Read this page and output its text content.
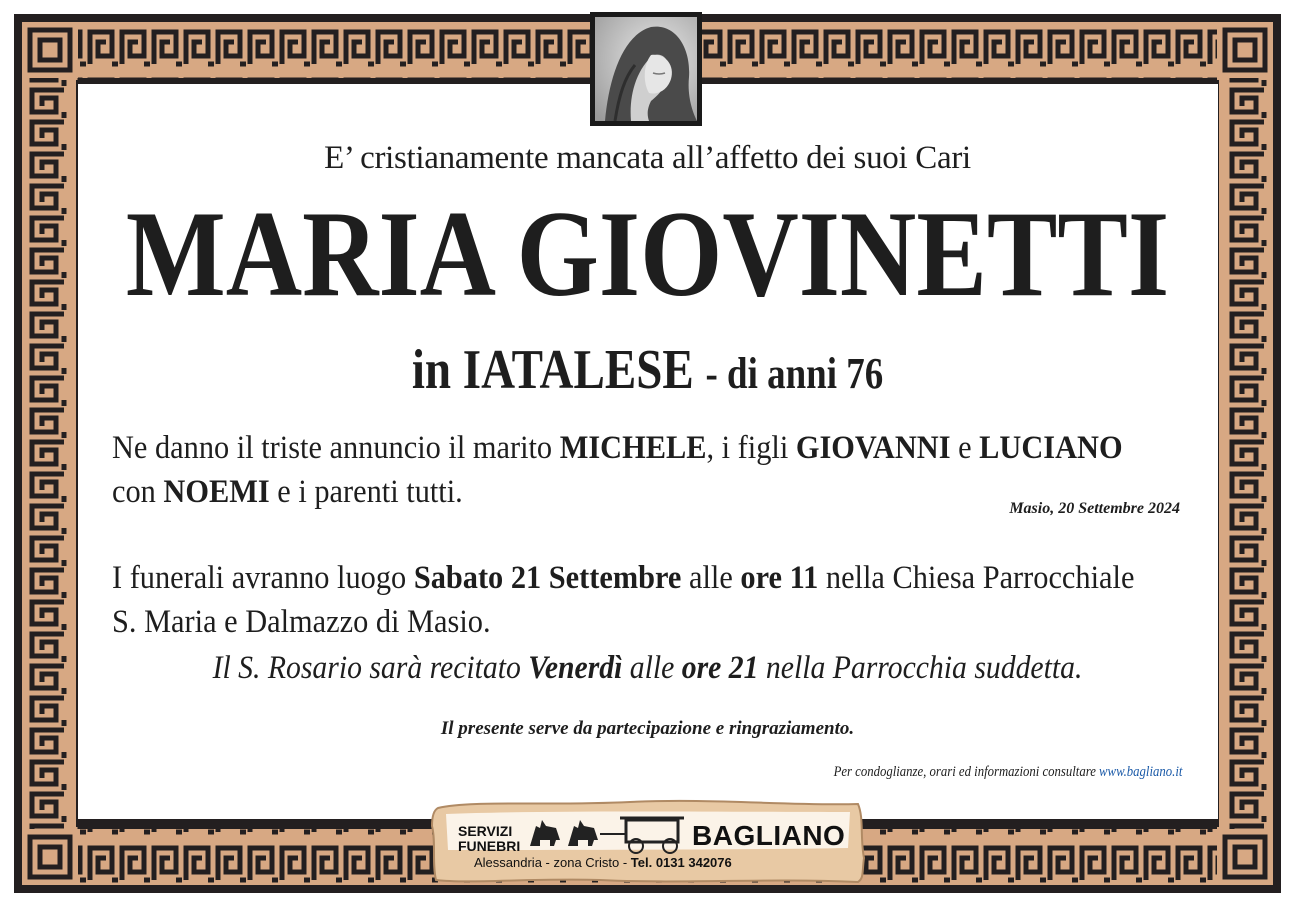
E’ cristianamente mancata all’affetto dei suoi Cari
MARIA GIOVINETTI
in IATALESE - di anni 76
Ne danno il triste annuncio il marito MICHELE, i figli GIOVANNI e LUCIANO
con NOEMI e i parenti tutti.	Masio, 20 Settembre 2024
I funerali avranno luogo Sabato 21 Settembre alle ore 11 nella Chiesa Parrocchiale
S. Maria e Dalmazzo di Masio.
Il S. Rosario sarà recitato Venerdì alle ore 21 nella Parrocchia suddetta.
Il presente serve da partecipazione e ringraziamento.
Per condoglianze, orari ed informazioni consultare www.bagliano.it
SERVIZI
FUNEBRI	BAGLIANO
Alessandria - zona Cristo - Tel. 0131 342076
